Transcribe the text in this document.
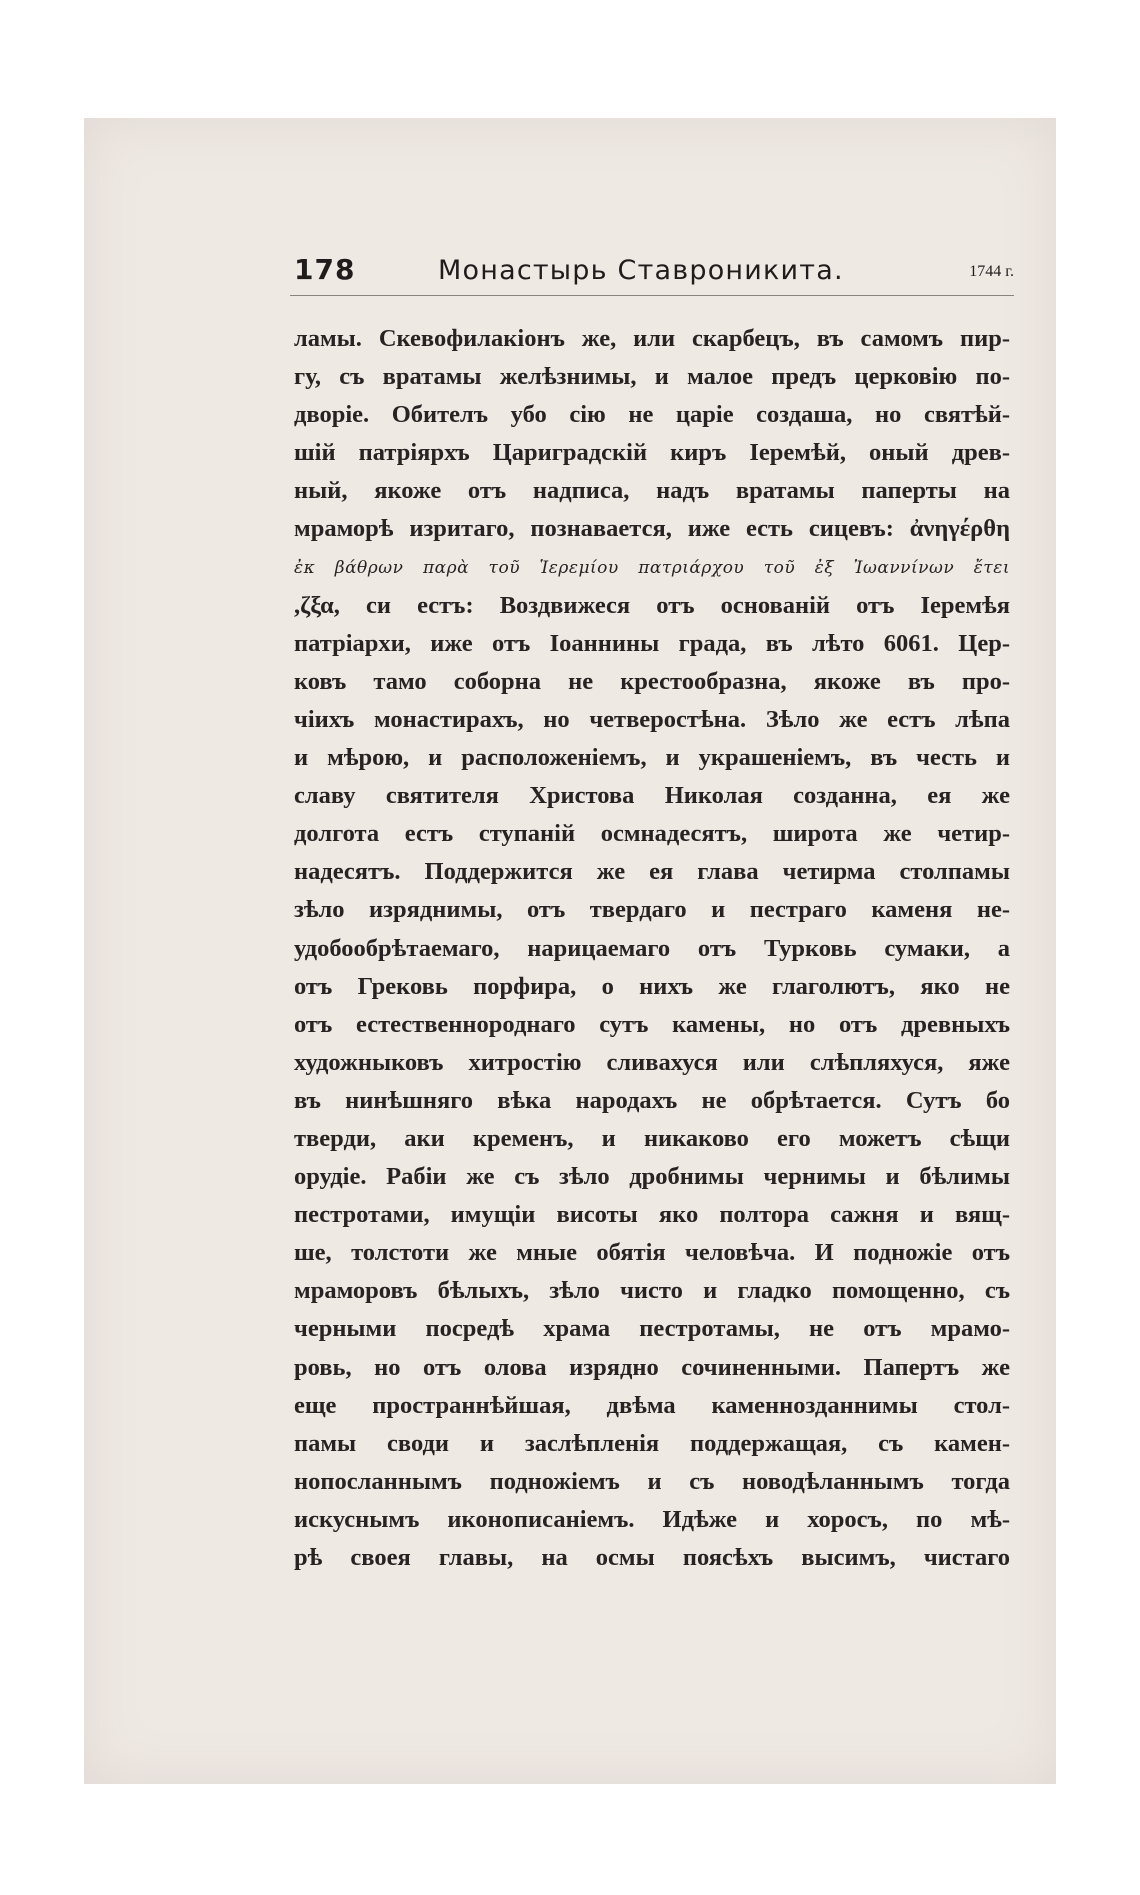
178	Монастырь Ставроникита.	1744 г.
ламы. Скевофилакіонъ же, или скарбецъ, въ самомъ пир-
гу, съ вратамы желѣзнимы, и малое предъ церковію по-
дворіе. Обителъ убо сію не царіе создаша, но святѣй-
шій патріярхъ Цариградскій киръ Іеремѣй, оный древ-
ный, якоже отъ надписа, надъ вратамы паперты на
мраморѣ изритаго, познавается, иже есть сицевъ: ἀνηγέρθη
ἐκ βάθρων παρὰ τοῦ Ἱερεμίου πατριάρχου τοῦ ἐξ Ἰωαννίνων ἔτει
,ζξα, си естъ: Воздвижеся отъ основаній отъ Іеремѣя
патріархи, иже отъ Іоаннины града, въ лѣто 6061. Цер-
ковъ тамо соборна не крестообразна, якоже въ про-
чіихъ монастирахъ, но четверостѣна. Зѣло же естъ лѣпа
и мѣрою, и расположеніемъ, и украшеніемъ, въ честь и
славу святителя Христова Николая созданна, ея же
долгота естъ ступаній осмнадесятъ, широта же четир-
надесятъ. Поддержится же ея глава четирма столпамы
зѣло изряднимы, отъ твердаго и пестраго каменя не-
удобообрѣтаемаго, нарицаемаго отъ Турковь сумаки, а
отъ Грековь порфира, о нихъ же глаголютъ, яко не
отъ естественнороднаго сутъ камены, но отъ древныхъ
художныковъ хитростію сливахуся или слѣпляхуся, яже
въ нинѣшняго вѣка народахъ не обрѣтается. Сутъ бо
тверди, аки кременъ, и никаково его можетъ сѣщи
орудіе. Рабіи же съ зѣло дробнимы чернимы и бѣлимы
пестротами, имущіи висоты яко полтора сажня и вящ-
ше, толстоти же мные обятія человѣча. И подножіе отъ
мраморовъ бѣлыхъ, зѣло чисто и гладко помощенно, съ
черными посредѣ храма пестротамы, не отъ мрамо-
ровь, но отъ олова изрядно сочиненными. Папертъ же
еще пространнѣйшая, двѣма каменнозданнимы стол-
памы своди и заслѣпленія поддержащая, съ камен-
нопосланнымъ подножіемъ и съ новодѣланнымъ тогда
искуснымъ иконописаніемъ. Идѣже и хоросъ, по мѣ-
рѣ своея главы, на осмы поясѣхъ высимъ, чистаго
